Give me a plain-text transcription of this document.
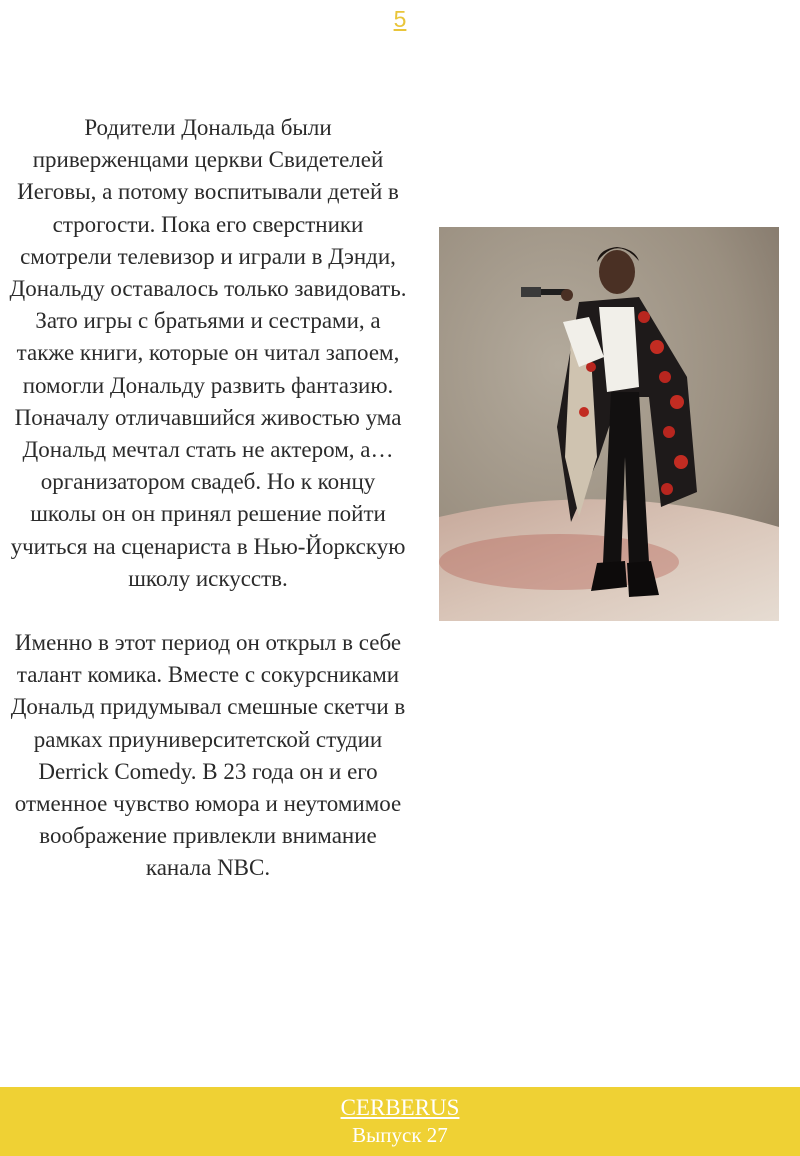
5

Родители Дональда были приверженцами церкви Свидетелей Иеговы, а потому воспитывали детей в строгости. Пока его сверстники смотрели телевизор и играли в Дэнди, Дональду оставалось только завидовать. Зато игры с братьями и сестрами, а также книги, которые он читал запоем, помогли Дональду развить фантазию. Поначалу отличавшийся живостью ума Дональд мечтал стать не актером, а… организатором свадеб. Но к концу школы он он принял решение пойти учиться на сценариста в Нью-Йоркскую школу искусств.

Именно в этот период он открыл в себе талант комика. Вместе с сокурсниками Дональд придумывал смешные скетчи в рамках приуниверситетской студии Derrick Comedy. В 23 года он и его отменное чувство юмора и неутомимое воображение привлекли внимание канала NBC.

CERBERUS
Выпуск 27
